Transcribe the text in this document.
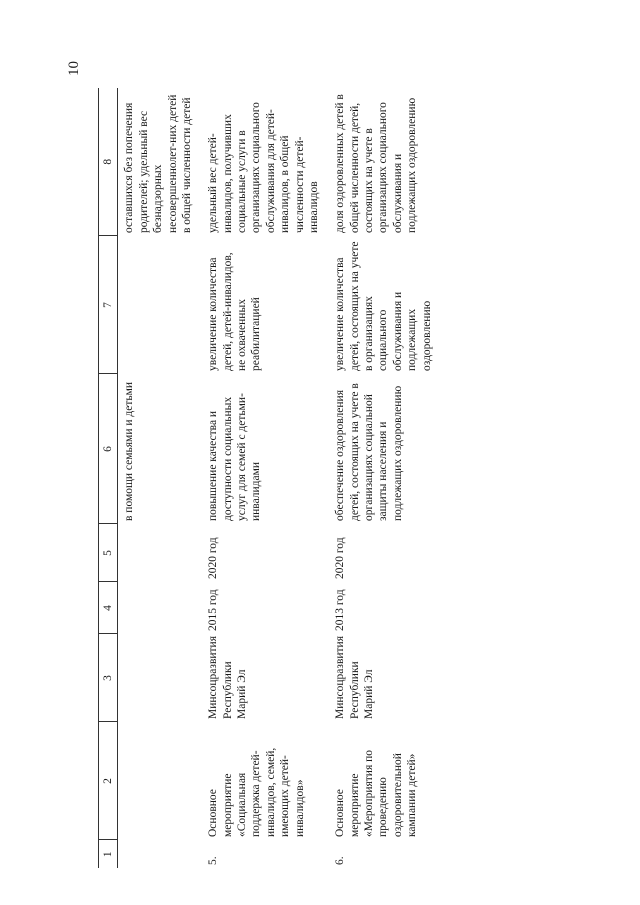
10
1	2	3	4	5	6	7	8
					в помощи семьями и детьми		оставшихся без попечения родителей; удельный вес безнадзорных несовершеннолет-них детей в общей численности детей
5.	Основное мероприятие «Социальная поддержка детей-инвалидов, семей, имеющих детей-инвалидов»	Минсоцразвития Республики Марий Эл	2015 год	2020 год	повышение качества и доступности социальных услуг для семей с детьми-инвалидами	увеличение количества детей, детей-инвалидов, не охваченных реабилитацией	удельный вес детей-инвалидов, получивших социальные услуги в организациях социального обслуживания для детей-инвалидов, в общей численности детей-инвалидов
6.	Основное мероприятие «Мероприятия по проведению оздоровительной кампании детей»	Минсоцразвития Республики Марий Эл	2013 год	2020 год	обеспечение оздоровления детей, состоящих на учете в организациях социальной защиты населения и подлежащих оздоровлению	увеличение количества детей, состоящих на учете в организациях социального обслуживания и подлежащих оздоровлению	доля оздоровленных детей в общей численности детей, состоящих на учете в организациях социального обслуживания и подлежащих оздоровлению
